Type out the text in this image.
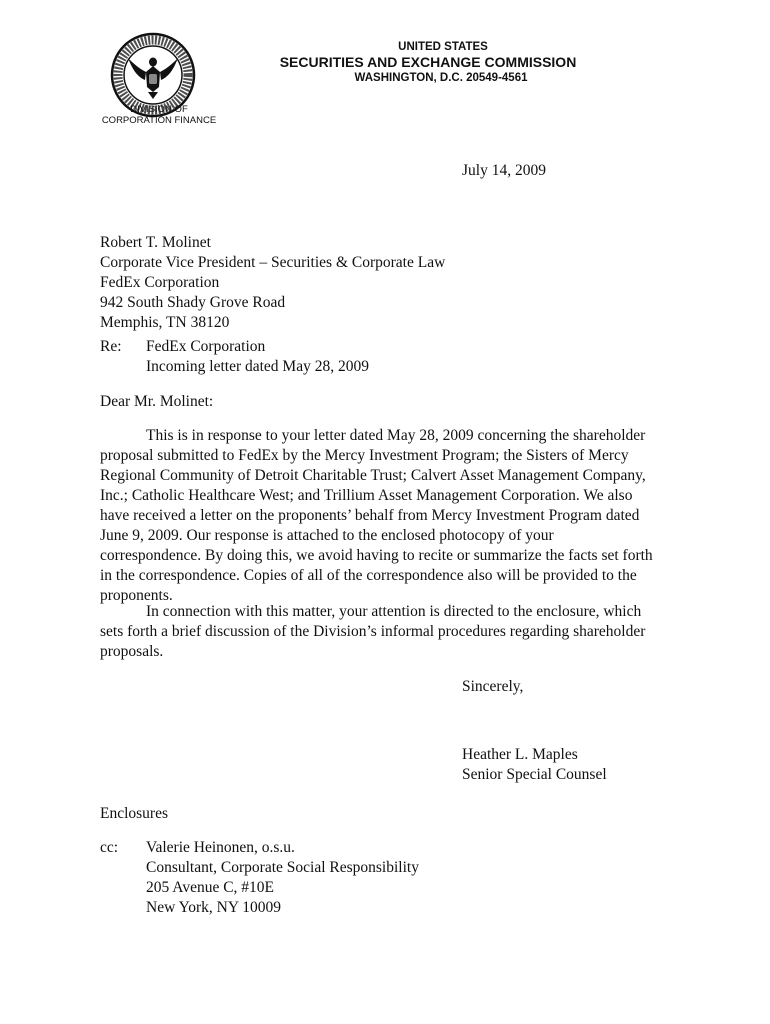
DIVISION OF
CORPORATION FINANCE
UNITED STATES
SECURITIES AND EXCHANGE COMMISSION
WASHINGTON, D.C. 20549-4561
July 14, 2009
Robert T. Molinet
Corporate Vice President – Securities & Corporate Law
FedEx Corporation
942 South Shady Grove Road
Memphis, TN 38120
Re: FedEx Corporation
Incoming letter dated May 28, 2009
Dear Mr. Molinet:
This is in response to your letter dated May 28, 2009 concerning the shareholder
proposal submitted to FedEx by the Mercy Investment Program; the Sisters of Mercy
Regional Community of Detroit Charitable Trust; Calvert Asset Management Company,
Inc.; Catholic Healthcare West; and Trillium Asset Management Corporation. We also
have received a letter on the proponents’ behalf from Mercy Investment Program dated
June 9, 2009. Our response is attached to the enclosed photocopy of your
correspondence. By doing this, we avoid having to recite or summarize the facts set forth
in the correspondence. Copies of all of the correspondence also will be provided to the
proponents.
In connection with this matter, your attention is directed to the enclosure, which
sets forth a brief discussion of the Division’s informal procedures regarding shareholder
proposals.
Sincerely,
Heather L. Maples
Senior Special Counsel
Enclosures
cc: Valerie Heinonen, o.s.u.
Consultant, Corporate Social Responsibility
205 Avenue C, #10E
New York, NY 10009
